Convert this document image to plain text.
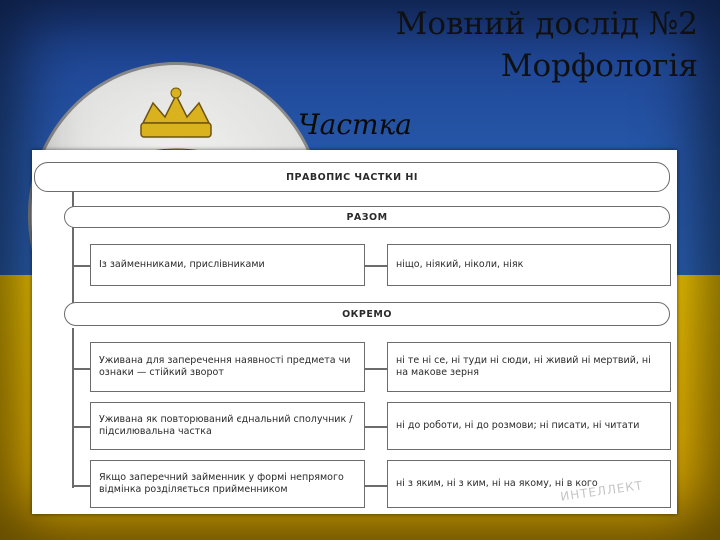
Мовний дослід №2
Морфологія
Частка
ПРАВОПИС ЧАСТКИ НІ
РАЗОМ
Із займенниками, прислівниками	ніщо, ніякий, ніколи, ніяк
ОКРЕМО
Уживана для заперечення наявності предмета чи ознаки — стійкий зворот
ні те ні се, ні туди ні сюди, ні живий ні мертвий, ні на макове зерня
Уживана як повторюваний єднальний сполучник / підсилювальна частка
ні до роботи, ні до розмови; ні писати, ні читати
Якщо заперечний займенник у формі непрямого відмінка розділяється прийменником
ні з яким, ні з ким, ні на якому, ні в кого
ИНТЕЛЛЕКТ
